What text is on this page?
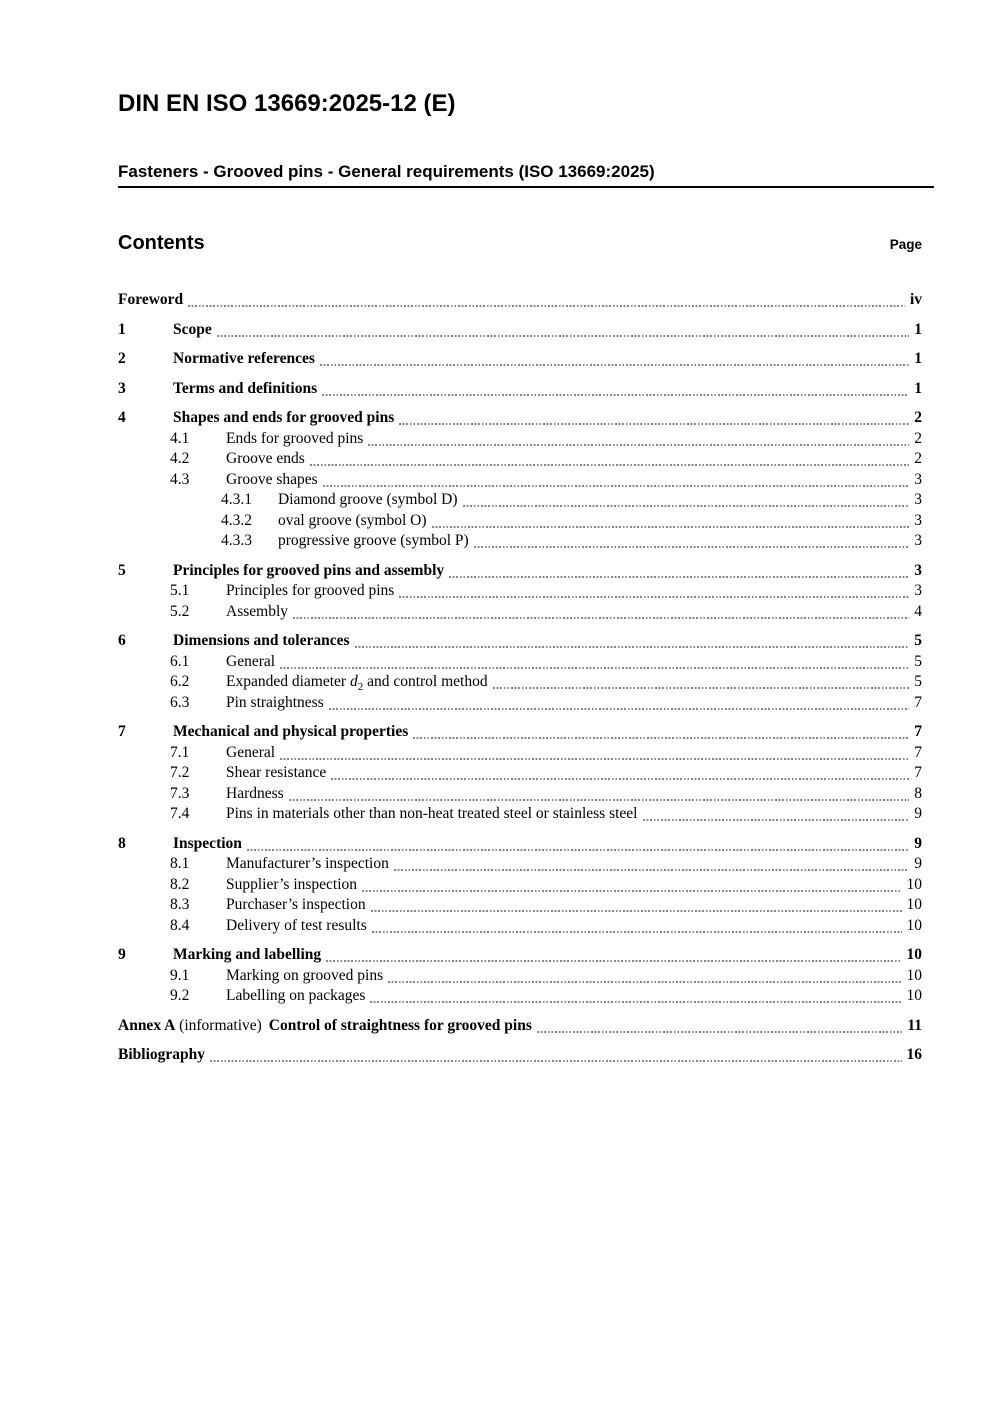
DIN EN ISO 13669:2025-12 (E)
Fasteners - Grooved pins - General requirements (ISO 13669:2025)
Contents	Page
Foreword	iv
1	Scope	1
2	Normative references	1
3	Terms and definitions	1
4	Shapes and ends for grooved pins	2
4.1	Ends for grooved pins	2
4.2	Groove ends	2
4.3	Groove shapes	3
4.3.1	Diamond groove (symbol D)	3
4.3.2	oval groove (symbol O)	3
4.3.3	progressive groove (symbol P)	3
5	Principles for grooved pins and assembly	3
5.1	Principles for grooved pins	3
5.2	Assembly	4
6	Dimensions and tolerances	5
6.1	General	5
6.2	Expanded diameter $d_2$ and control method	5
6.3	Pin straightness	7
7	Mechanical and physical properties	7
7.1	General	7
7.2	Shear resistance	7
7.3	Hardness	8
7.4	Pins in materials other than non-heat treated steel or stainless steel	9
8	Inspection	9
8.1	Manufacturer’s inspection	9
8.2	Supplier’s inspection	10
8.3	Purchaser’s inspection	10
8.4	Delivery of test results	10
9	Marking and labelling	10
9.1	Marking on grooved pins	10
9.2	Labelling on packages	10
Annex A (informative) Control of straightness for grooved pins	11
Bibliography	16
